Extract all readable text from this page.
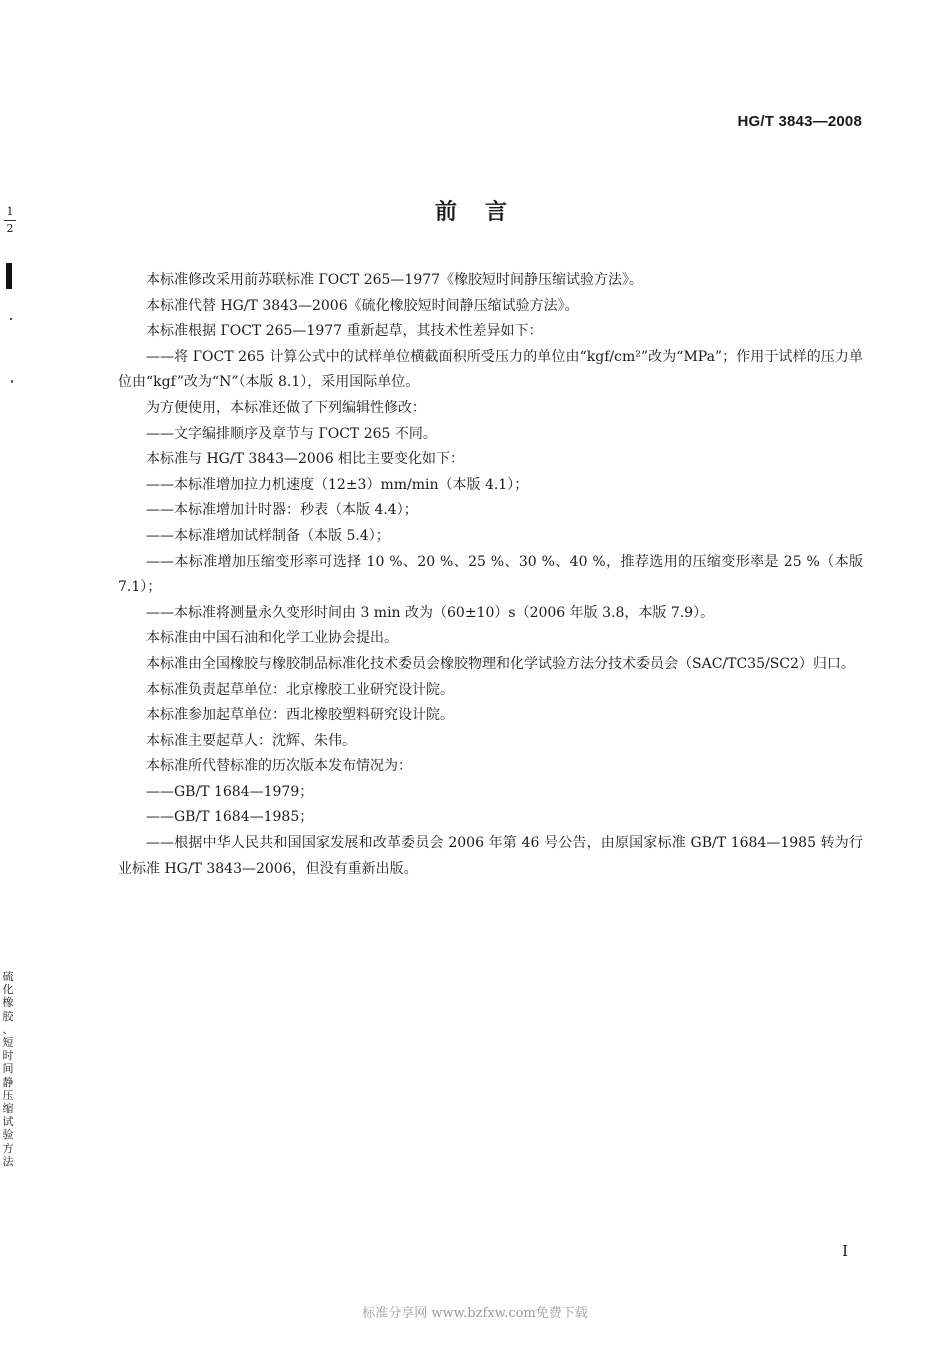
HG/T 3843—2008
1
2
前言

本标准修改采用前苏联标准 ГОСТ 265—1977《橡胶短时间静压缩试验方法》。

本标准代替 HG/T 3843—2006《硫化橡胶短时间静压缩试验方法》。

本标准根据 ГОСТ 265—1977 重新起草，其技术性差异如下：

——将 ГОСТ 265 计算公式中的试样单位横截面积所受压力的单位由“kgf/cm²”改为“MPa”；作用于试样的压力单位由“kgf”改为“N”（本版 8.1），采用国际单位。

为方便使用，本标准还做了下列编辑性修改：

——文字编排顺序及章节与 ГОСТ 265 不同。

本标准与 HG/T 3843—2006 相比主要变化如下：

——本标准增加拉力机速度（12±3）mm/min（本版 4.1）；

——本标准增加计时器：秒表（本版 4.4）；

——本标准增加试样制备（本版 5.4）；

——本标准增加压缩变形率可选择 10 %、20 %、25 %、30 %、40 %，推荐选用的压缩变形率是 25 %（本版 7.1）；

——本标准将测量永久变形时间由 3 min 改为（60±10）s（2006 年版 3.8，本版 7.9）。

本标准由中国石油和化学工业协会提出。

本标准由全国橡胶与橡胶制品标准化技术委员会橡胶物理和化学试验方法分技术委员会（SAC/TC35/SC2）归口。

本标准负责起草单位：北京橡胶工业研究设计院。

本标准参加起草单位：西北橡胶塑料研究设计院。

本标准主要起草人：沈辉、朱伟。

本标准所代替标准的历次版本发布情况为：

——GB/T 1684—1979；

——GB/T 1684—1985；

——根据中华人民共和国国家发展和改革委员会 2006 年第 46 号公告，由原国家标准 GB/T 1684—1985 转为行业标准 HG/T 3843—2006，但没有重新出版。

硫
化
橡
胶
、
短
时
间
静
压
缩
试
验
方
法
I
标准分享网 www.bzfxw.com免费下载
